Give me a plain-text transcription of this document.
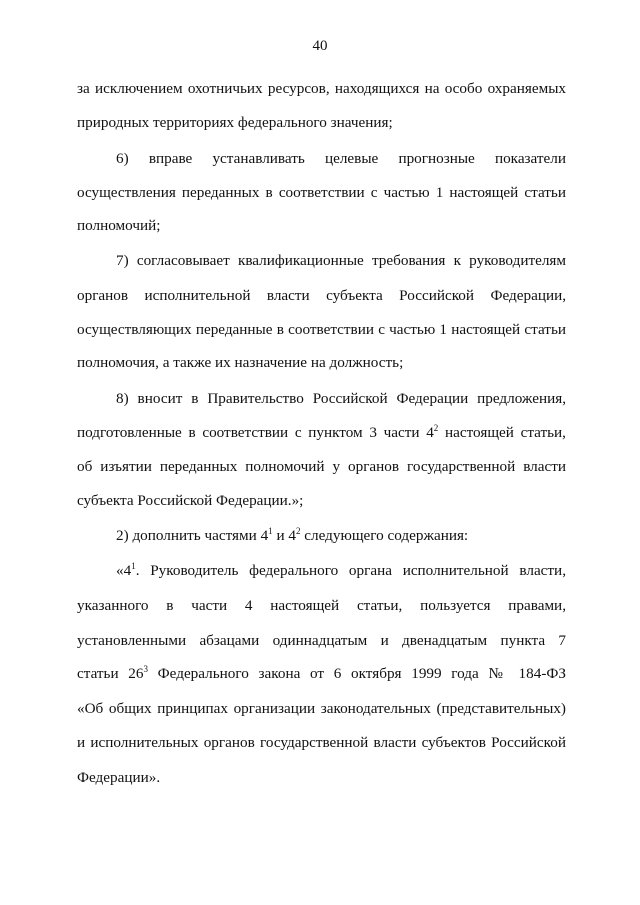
40
за исключением охотничьих ресурсов, находящихся на особо охраняемых
природных территориях федерального значения;
6) вправе устанавливать целевые прогнозные показатели
осуществления переданных в соответствии с частью 1 настоящей статьи
полномочий;
7) согласовывает квалификационные требования к руководителям
органов исполнительной власти субъекта Российской Федерации,
осуществляющих переданные в соответствии с частью 1 настоящей статьи
полномочия, а также их назначение на должность;
8) вносит в Правительство Российской Федерации предложения,
подготовленные в соответствии с пунктом 3 части $4^2$ настоящей статьи,
об изъятии переданных полномочий у органов государственной власти
субъекта Российской Федерации.»;
2) дополнить частями $4^1$ и $4^2$ следующего содержания:
«$4^1$. Руководитель федерального органа исполнительной власти,
указанного в части 4 настоящей статьи, пользуется правами,
установленными абзацами одиннадцатым и двенадцатым пункта 7
статьи $26^3$ Федерального закона от 6 октября 1999 года № 184-ФЗ
«Об общих принципах организации законодательных (представительных)
и исполнительных органов государственной власти субъектов Российской
Федерации».
